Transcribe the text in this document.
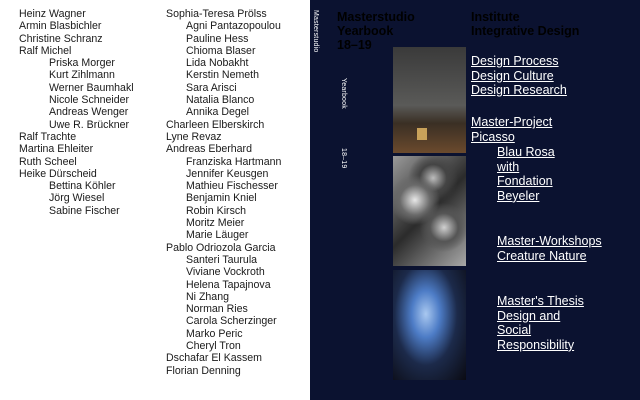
Heinz Wagner
Armin Blasbichler
Christine Schranz
Ralf Michel
Priska Morger
Kurt Zihlmann
Werner Baumhakl
Nicole Schneider
Andreas Wenger
Uwe R. Brückner
Ralf Trachte
Martina Ehleiter
Ruth Scheel
Heike Dürscheid
Bettina Köhler
Jörg Wiesel
Sabine Fischer
Sophia-Teresa Prölss
Agni Pantazopoulou
Pauline Hess
Chioma Blaser
Lida Nobakht
Kerstin Nemeth
Sara Arisci
Natalia Blanco
Annika Degel
Charleen Elberskirch
Lyne Revaz
Andreas Eberhard
Franziska Hartmann
Jennifer Keusgen
Mathieu Fischesser
Benjamin Kniel
Robin Kirsch
Moritz Meier
Marie Läuger
Pablo Odriozola Garcia
Santeri Taurula
Viviane Vockroth
Helena Tapajnova
Ni Zhang
Norman Ries
Carola Scherzinger
Marko Peric
Cheryl Tron
Dschafar El Kassem
Florian Denning
Masterstudio
Yearbook
18–19
Masterstudio
Yearbook
18–19
Institute
Integrative Design
Design Process
Design Culture
Design Research
Master-Project
Picasso
Blau Rosa
with
Fondation
Beyeler
Master-Workshops
Creature Nature
Master's Thesis
Design and
Social
Responsibility
